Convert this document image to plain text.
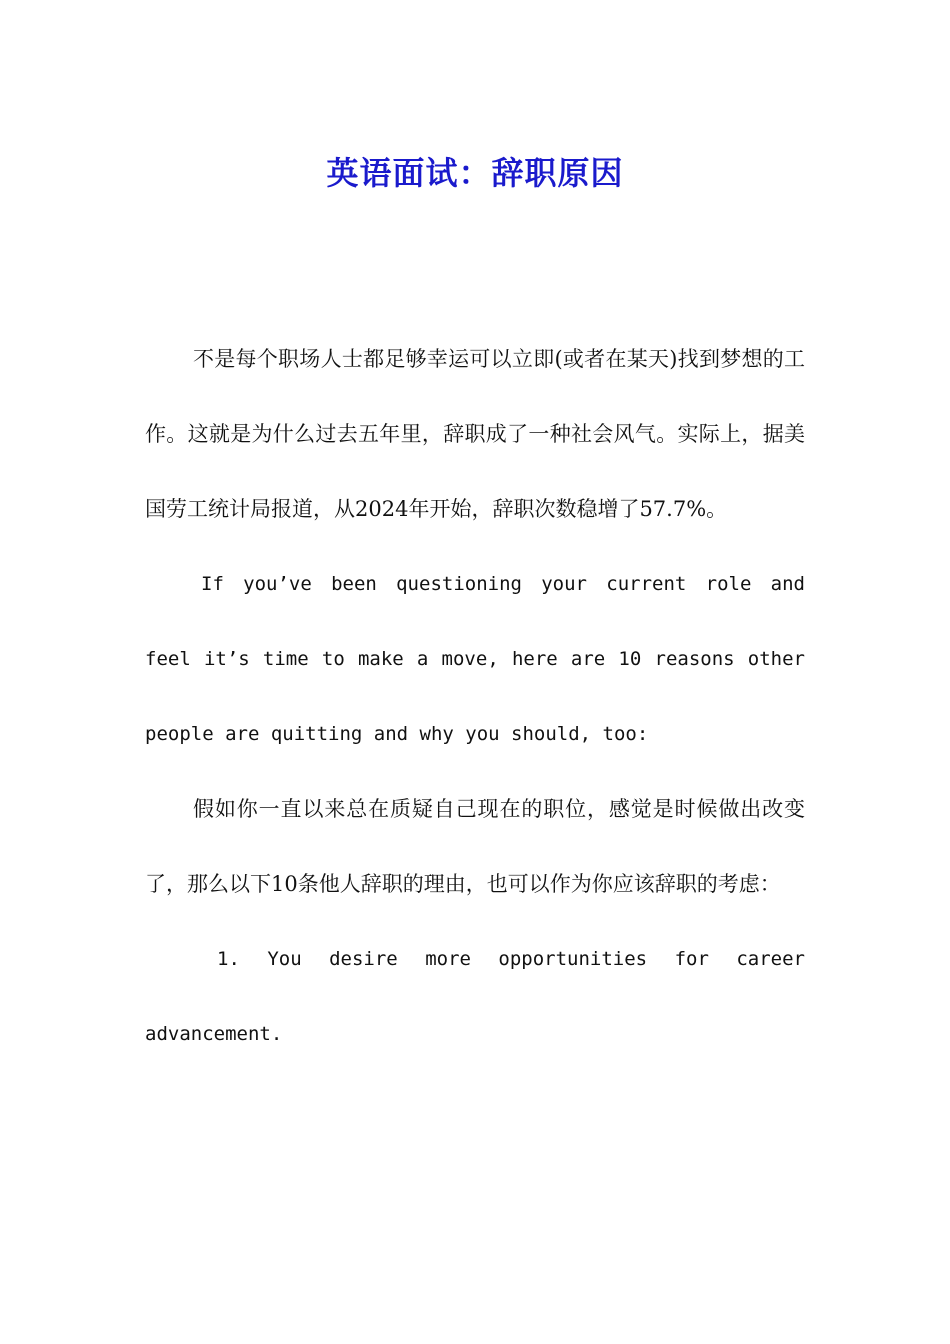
英语面试：辞职原因

不是每个职场人士都足够幸运可以立即(或者在某天)找到梦想的工作。这就是为什么过去五年里，辞职成了一种社会风气。实际上，据美国劳工统计局报道，从2024年开始，辞职次数稳增了57.7%。

If you’ve been questioning your current role and feel it’s time to make a move, here are 10 reasons other people are quitting and why you should, too:

假如你一直以来总在质疑自己现在的职位，感觉是时候做出改变了，那么以下10条他人辞职的理由，也可以作为你应该辞职的考虑：

1. You desire more opportunities for career advancement.
